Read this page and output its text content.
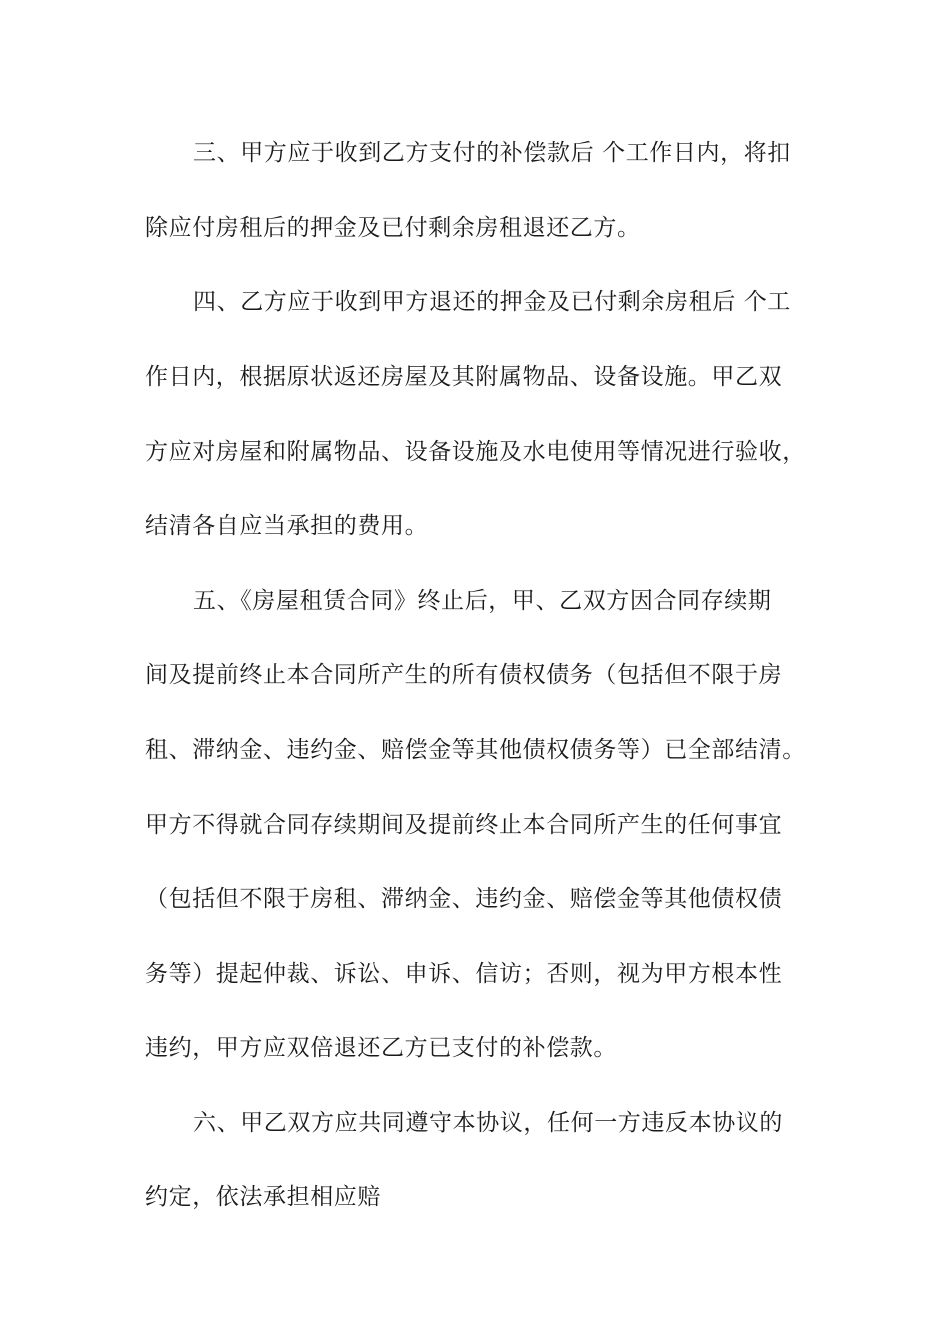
三、甲方应于收到乙方支付的补偿款后 个工作日内，将扣
除应付房租后的押金及已付剩余房租退还乙方。
四、乙方应于收到甲方退还的押金及已付剩余房租后 个工
作日内，根据原状返还房屋及其附属物品、设备设施。甲乙双
方应对房屋和附属物品、设备设施及水电使用等情况进行验收，
结清各自应当承担的费用。
五、《房屋租赁合同》终止后，甲、乙双方因合同存续期
间及提前终止本合同所产生的所有债权债务（包括但不限于房
租、滞纳金、违约金、赔偿金等其他债权债务等）已全部结清。
甲方不得就合同存续期间及提前终止本合同所产生的任何事宜
（包括但不限于房租、滞纳金、违约金、赔偿金等其他债权债
务等）提起仲裁、诉讼、申诉、信访；否则，视为甲方根本性
违约，甲方应双倍退还乙方已支付的补偿款。
六、甲乙双方应共同遵守本协议，任何一方违反本协议的
约定，依法承担相应赔
